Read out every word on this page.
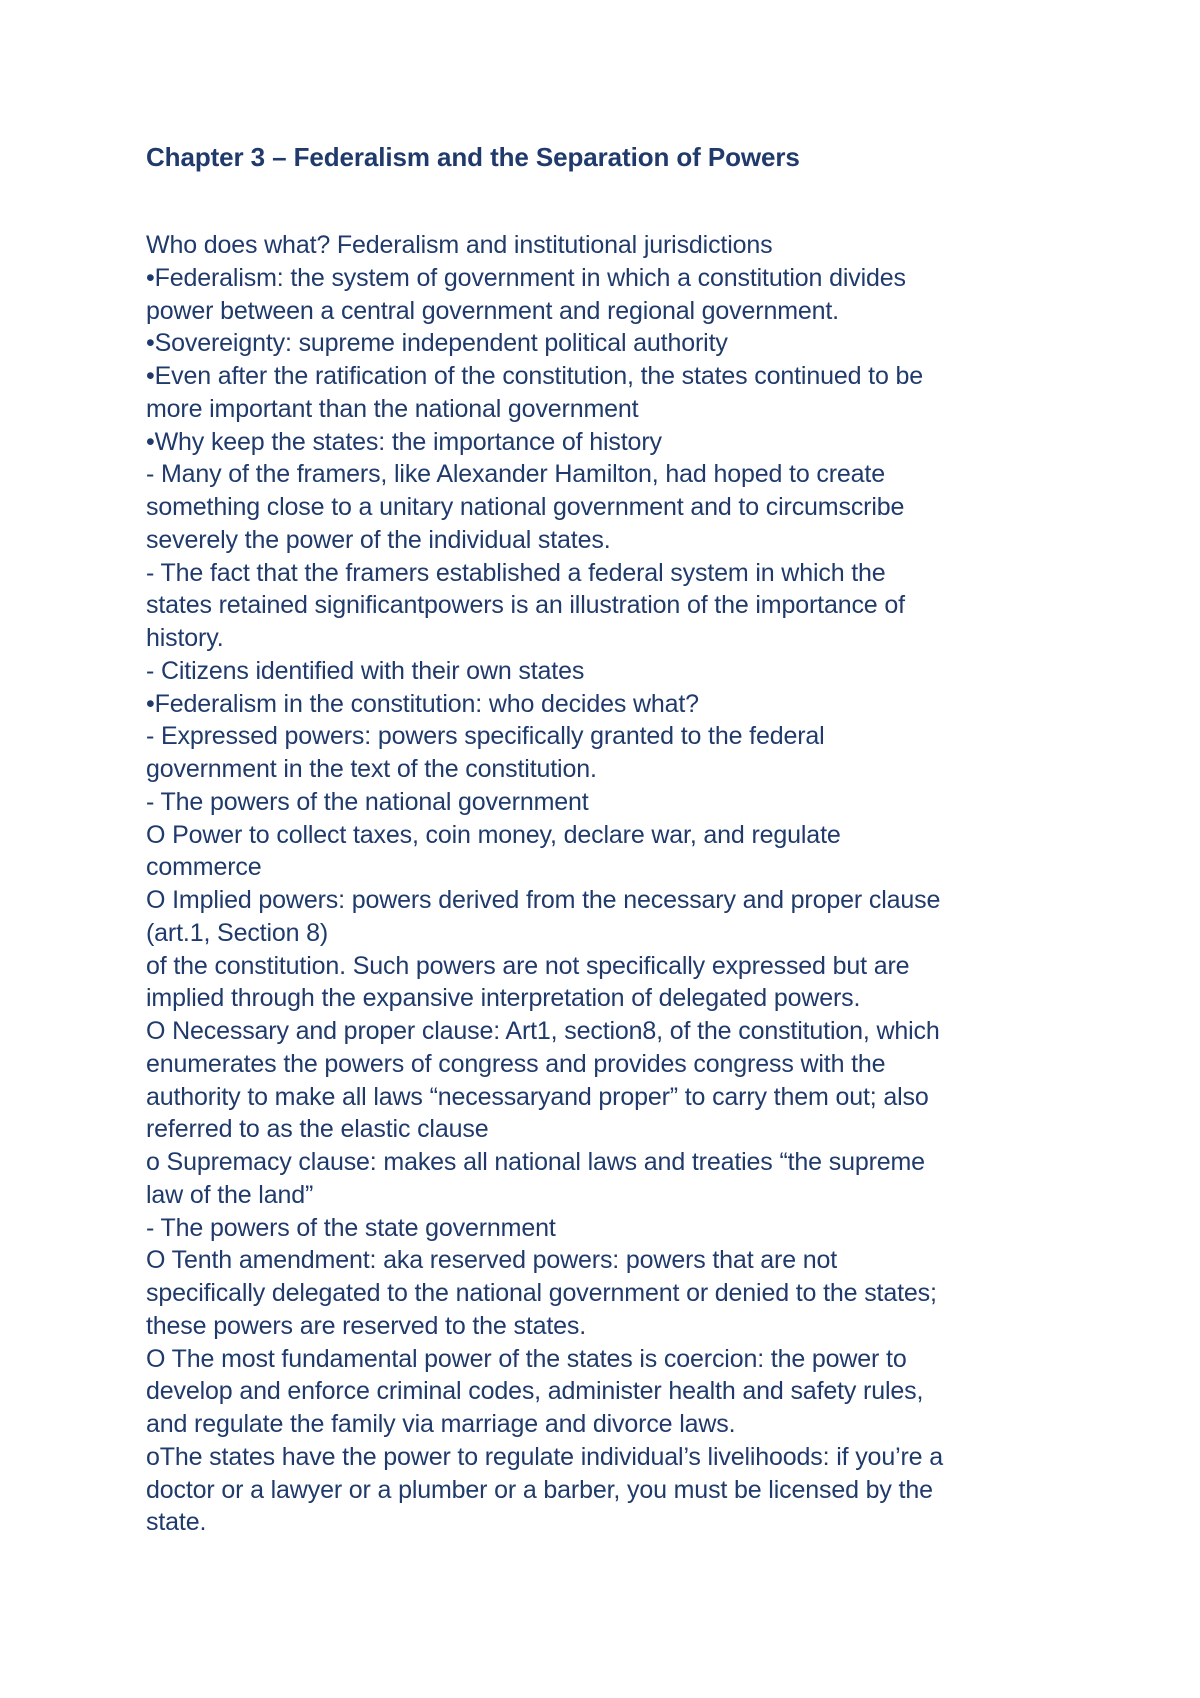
Chapter 3 – Federalism and the Separation of Powers
Who does what? Federalism and institutional jurisdictions
•Federalism: the system of government in which a constitution divides
power between a central government and regional government.
•Sovereignty: supreme independent political authority
•Even after the ratification of the constitution, the states continued to be
more important than the national government
•Why keep the states: the importance of history
- Many of the framers, like Alexander Hamilton, had hoped to create
something close to a unitary national government and to circumscribe
severely the power of the individual states.
- The fact that the framers established a federal system in which the
states retained significantpowers is an illustration of the importance of
history.
- Citizens identified with their own states
•Federalism in the constitution: who decides what?
- Expressed powers: powers specifically granted to the federal
government in the text of the constitution.
- The powers of the national government
O Power to collect taxes, coin money, declare war, and regulate
commerce
O Implied powers: powers derived from the necessary and proper clause
(art.1, Section 8)
of the constitution. Such powers are not specifically expressed but are
implied through the expansive interpretation of delegated powers.
O Necessary and proper clause: Art1, section8, of the constitution, which
enumerates the powers of congress and provides congress with the
authority to make all laws “necessaryand proper” to carry them out; also
referred to as the elastic clause
o Supremacy clause: makes all national laws and treaties “the supreme
law of the land”
- The powers of the state government
O Tenth amendment: aka reserved powers: powers that are not
specifically delegated to the national government or denied to the states;
these powers are reserved to the states.
O The most fundamental power of the states is coercion: the power to
develop and enforce criminal codes, administer health and safety rules,
and regulate the family via marriage and divorce laws.
oThe states have the power to regulate individual’s livelihoods: if you’re a
doctor or a lawyer or a plumber or a barber, you must be licensed by the
state.
